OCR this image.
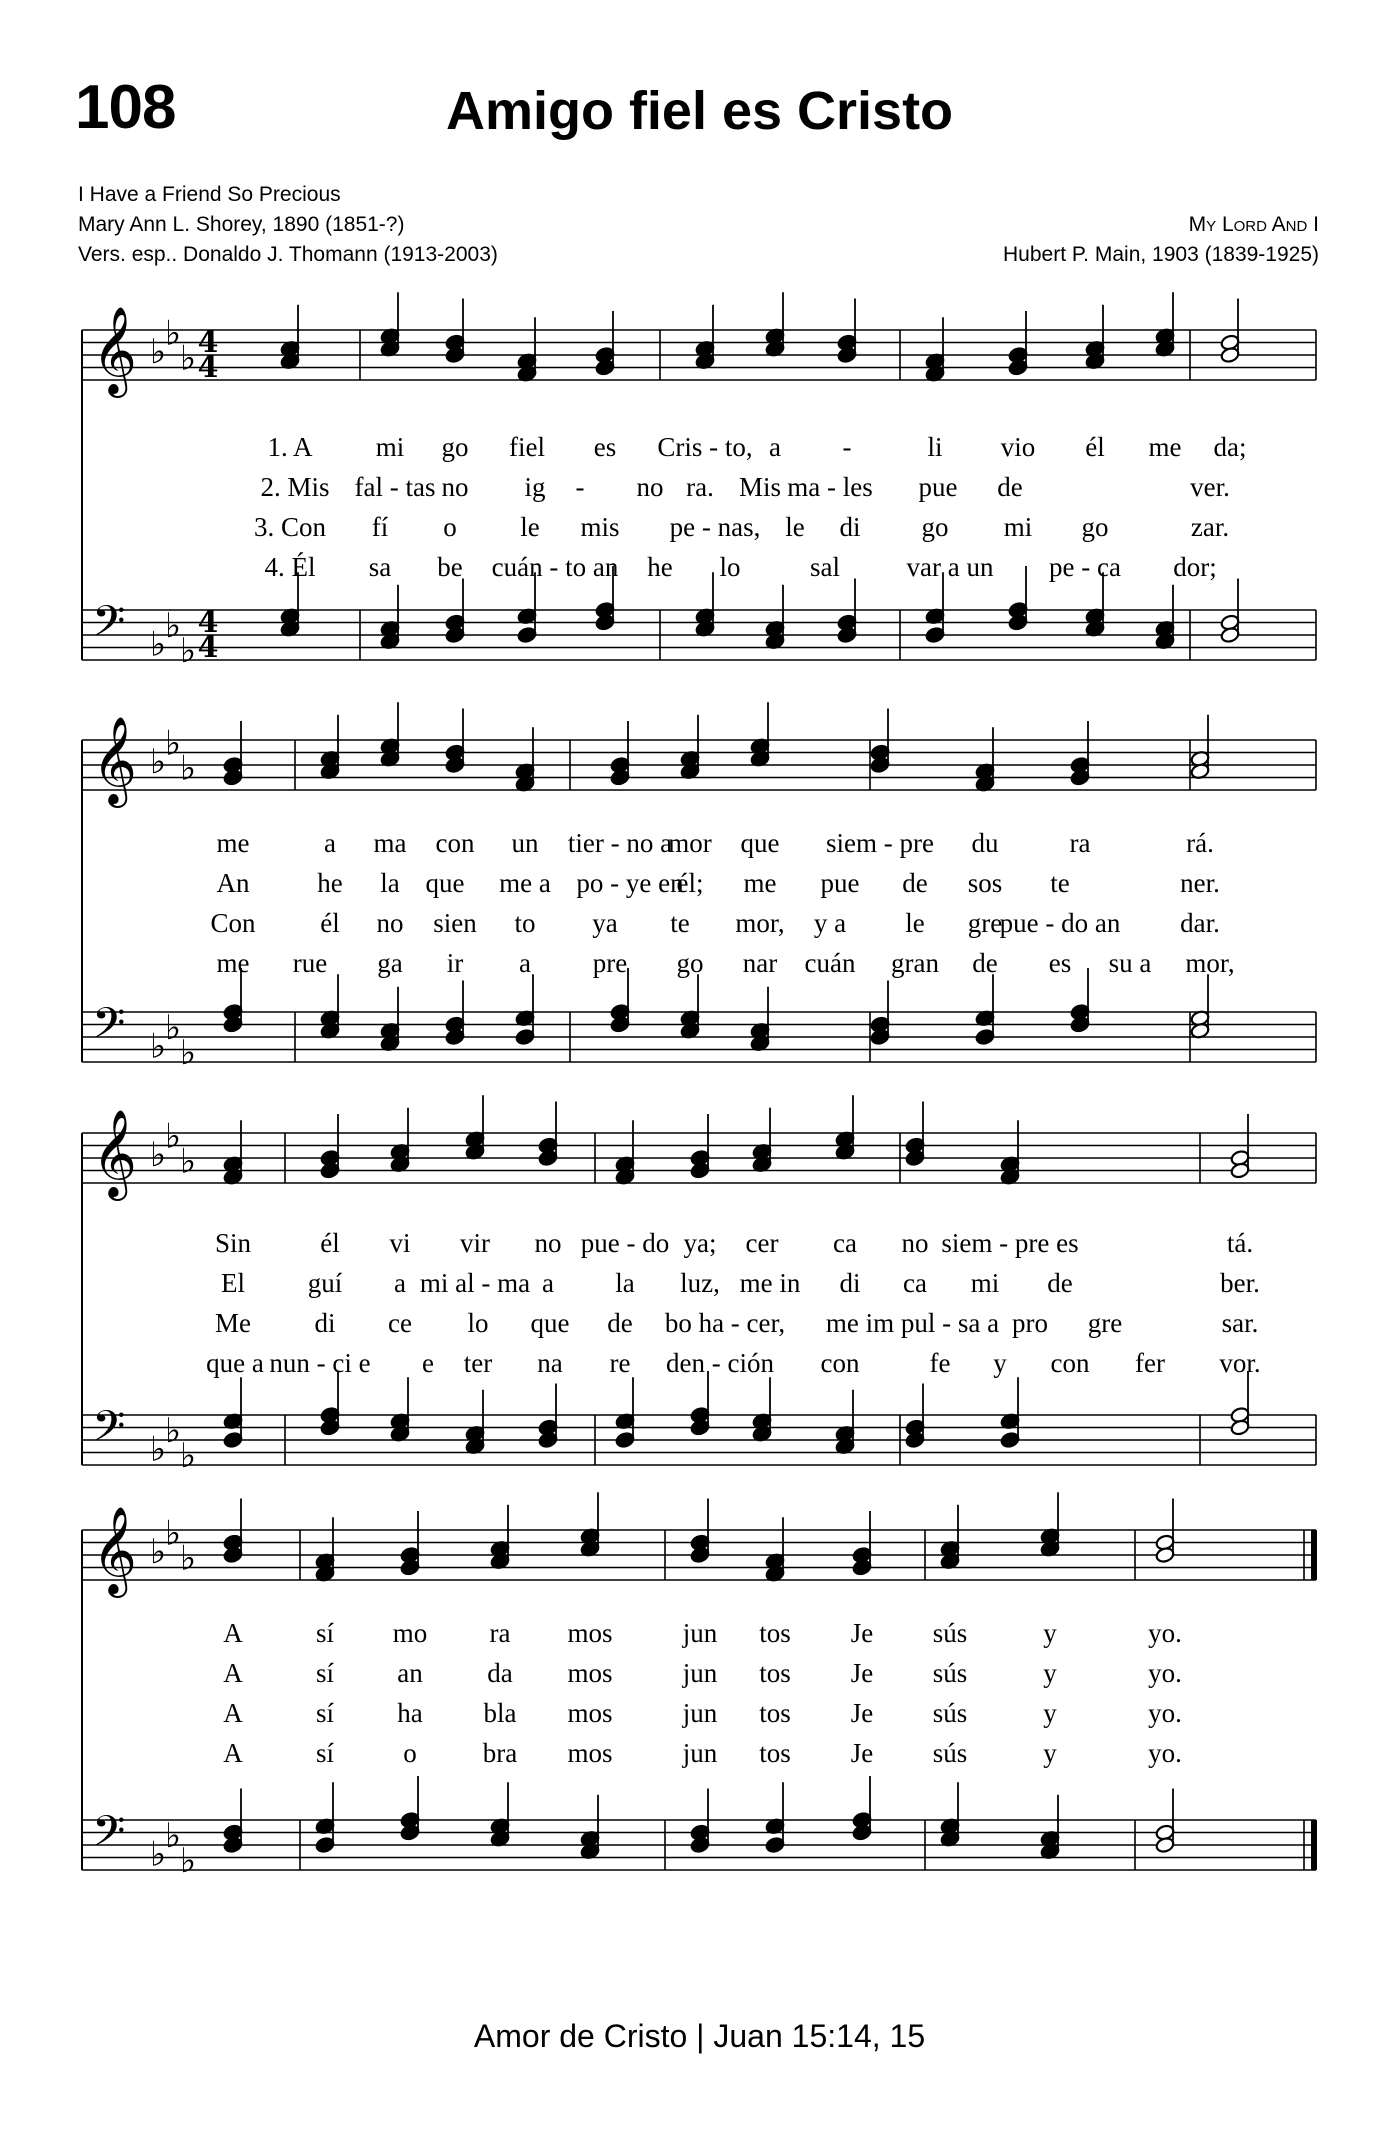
108	Amigo fiel es Cristo
I Have a Friend So Precious
Mary Ann L. Shorey, 1890 (1851-?)
Vers. esp.. Donaldo J. Thomann (1913-2003)
My Lord And I
Hubert P. Main, 1903 (1839-1925)
𝄞 ♭
♭
♭ 4
4
𝄢 ♭
♭
♭
4
4
𝄞 ♭
♭
♭
𝄢 ♭
♭
♭
𝄞 ♭
♭
♭
𝄢 ♭
♭
♭
𝄞 ♭
♭
♭
𝄢 ♭
♭
♭
Amor de Cristo | Juan 15:14, 15
1. A mi go fiel es Cris - to, a -	li vio él me da;
2. Mis fal - tas no ig - no ra. Mis ma - les pue de	ver.
3. Con fí o le mis pe - nas, le di go mi go	zar.
4. Él sa be cuán - to an he lo	sal var a un pe - ca dor;
me	a ma con un tier - no a
mor que siem - pre du	ra	rá.
An	he la que me a po - ye en
él; me pue de sos te	ner.
Con él no sien to ya te mor, y a le gre
pue - do an dar.
me rue ga ir a pre go nar cuán gran de es su a mor,
Sin	él vi vir no pue - do ya; cer ca no siem - pre es	tá.
El guí a mi al - ma a la luz, me in di ca mi de	ber.
Me di ce lo que de bo ha - cer, me im pul - sa a pro gre	sar.
que a nun - ci e e ter na re den - ción con	fe y con fer vor.
A	sí mo ra mos	jun tos Je sús	y	yo.
A	sí an da mos	jun tos Je sús	y	yo.
A	sí ha bla mos	jun tos Je sús	y	yo.
A	sí	o bra mos	jun tos Je sús	y	yo.
